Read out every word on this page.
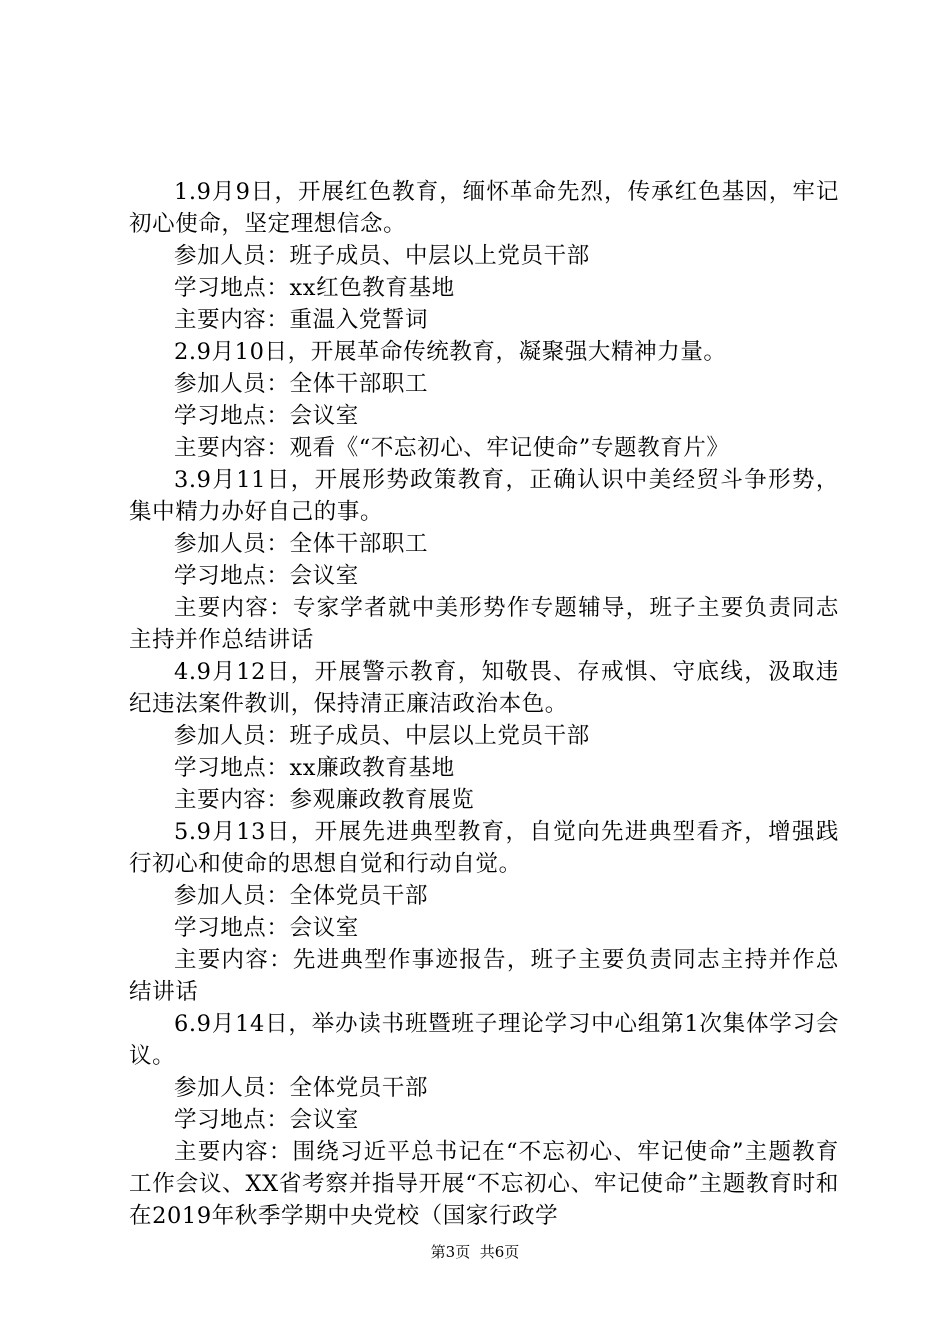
1.9月9日，开展红色教育，缅怀革命先烈，传承红色基因，牢记初心使命，坚定理想信念。

参加人员：班子成员、中层以上党员干部

学习地点：xx红色教育基地

主要内容：重温入党誓词

2.9月10日，开展革命传统教育，凝聚强大精神力量。

参加人员：全体干部职工

学习地点：会议室

主要内容：观看《“不忘初心、牢记使命”专题教育片》

3.9月11日，开展形势政策教育，正确认识中美经贸斗争形势，集中精力办好自己的事。

参加人员：全体干部职工

学习地点：会议室

主要内容：专家学者就中美形势作专题辅导，班子主要负责同志主持并作总结讲话

4.9月12日，开展警示教育，知敬畏、存戒惧、守底线，汲取违纪违法案件教训，保持清正廉洁政治本色。

参加人员：班子成员、中层以上党员干部

学习地点：xx廉政教育基地

主要内容：参观廉政教育展览

5.9月13日，开展先进典型教育，自觉向先进典型看齐，增强践行初心和使命的思想自觉和行动自觉。

参加人员：全体党员干部

学习地点：会议室

主要内容：先进典型作事迹报告，班子主要负责同志主持并作总结讲话

6.9月14日，举办读书班暨班子理论学习中心组第1次集体学习会议。

参加人员：全体党员干部

学习地点：会议室

主要内容：围绕习近平总书记在“不忘初心、牢记使命”主题教育工作会议、XX省考察并指导开展“不忘初心、牢记使命”主题教育时和在2019年秋季学期中央党校（国家行政学

第3页 共6页
